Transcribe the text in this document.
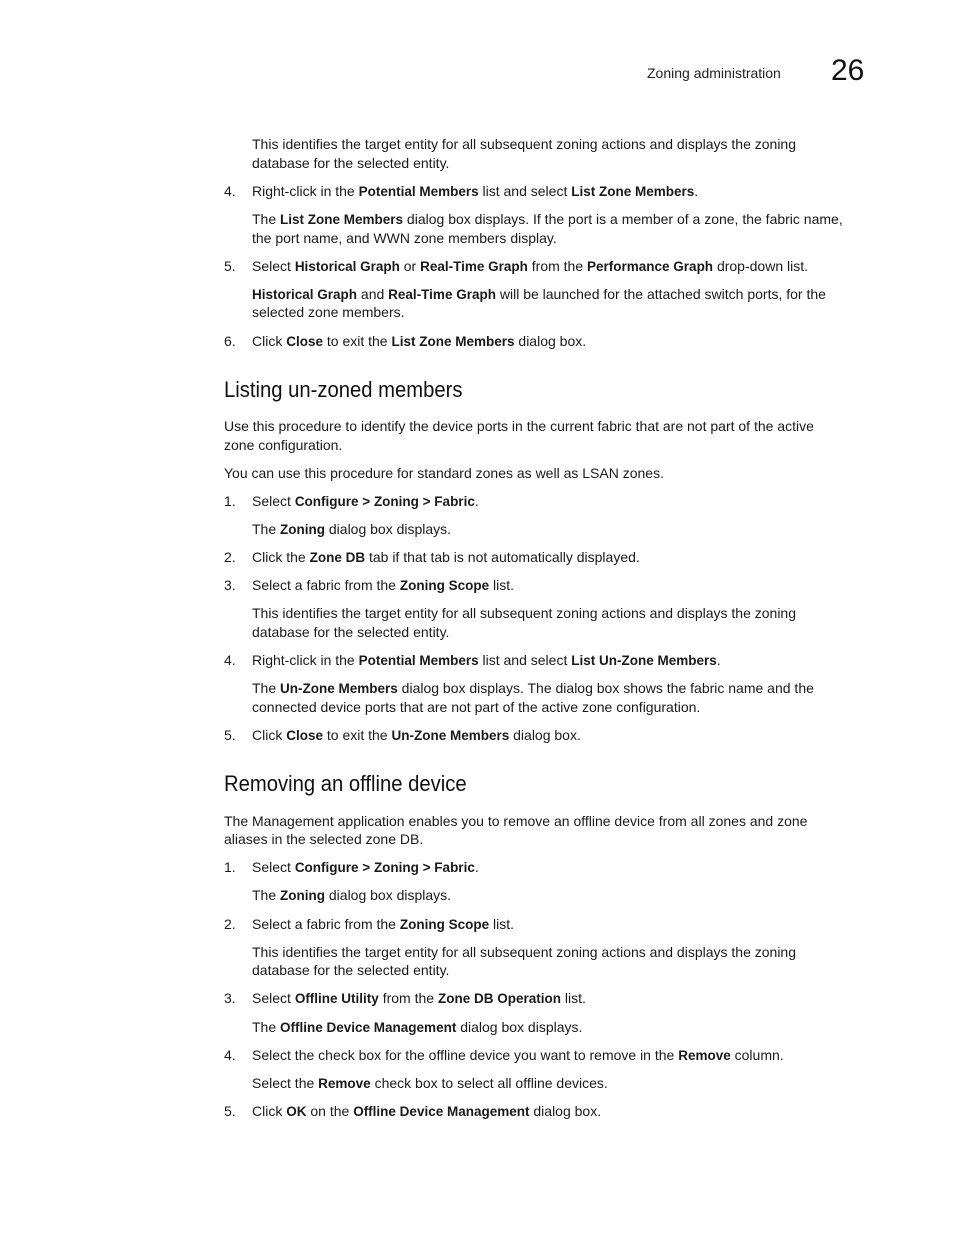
Zoning administration 26
This identifies the target entity for all subsequent zoning actions and displays the zoning
database for the selected entity.
4. Right-click in the Potential Members list and select List Zone Members.
The List Zone Members dialog box displays. If the port is a member of a zone, the fabric name,
the port name, and WWN zone members display.
5. Select Historical Graph or Real-Time Graph from the Performance Graph drop-down list.
Historical Graph and Real-Time Graph will be launched for the attached switch ports, for the
selected zone members.
6. Click Close to exit the List Zone Members dialog box.
Listing un-zoned members
Use this procedure to identify the device ports in the current fabric that are not part of the active
zone configuration.
You can use this procedure for standard zones as well as LSAN zones.
1. Select Configure > Zoning > Fabric.
The Zoning dialog box displays.
2. Click the Zone DB tab if that tab is not automatically displayed.
3. Select a fabric from the Zoning Scope list.
This identifies the target entity for all subsequent zoning actions and displays the zoning
database for the selected entity.
4. Right-click in the Potential Members list and select List Un-Zone Members.
The Un-Zone Members dialog box displays. The dialog box shows the fabric name and the
connected device ports that are not part of the active zone configuration.
5. Click Close to exit the Un-Zone Members dialog box.
Removing an offline device
The Management application enables you to remove an offline device from all zones and zone
aliases in the selected zone DB.
1. Select Configure > Zoning > Fabric.
The Zoning dialog box displays.
2. Select a fabric from the Zoning Scope list.
This identifies the target entity for all subsequent zoning actions and displays the zoning
database for the selected entity.
3. Select Offline Utility from the Zone DB Operation list.
The Offline Device Management dialog box displays.
4. Select the check box for the offline device you want to remove in the Remove column.
Select the Remove check box to select all offline devices.
5. Click OK on the Offline Device Management dialog box.
